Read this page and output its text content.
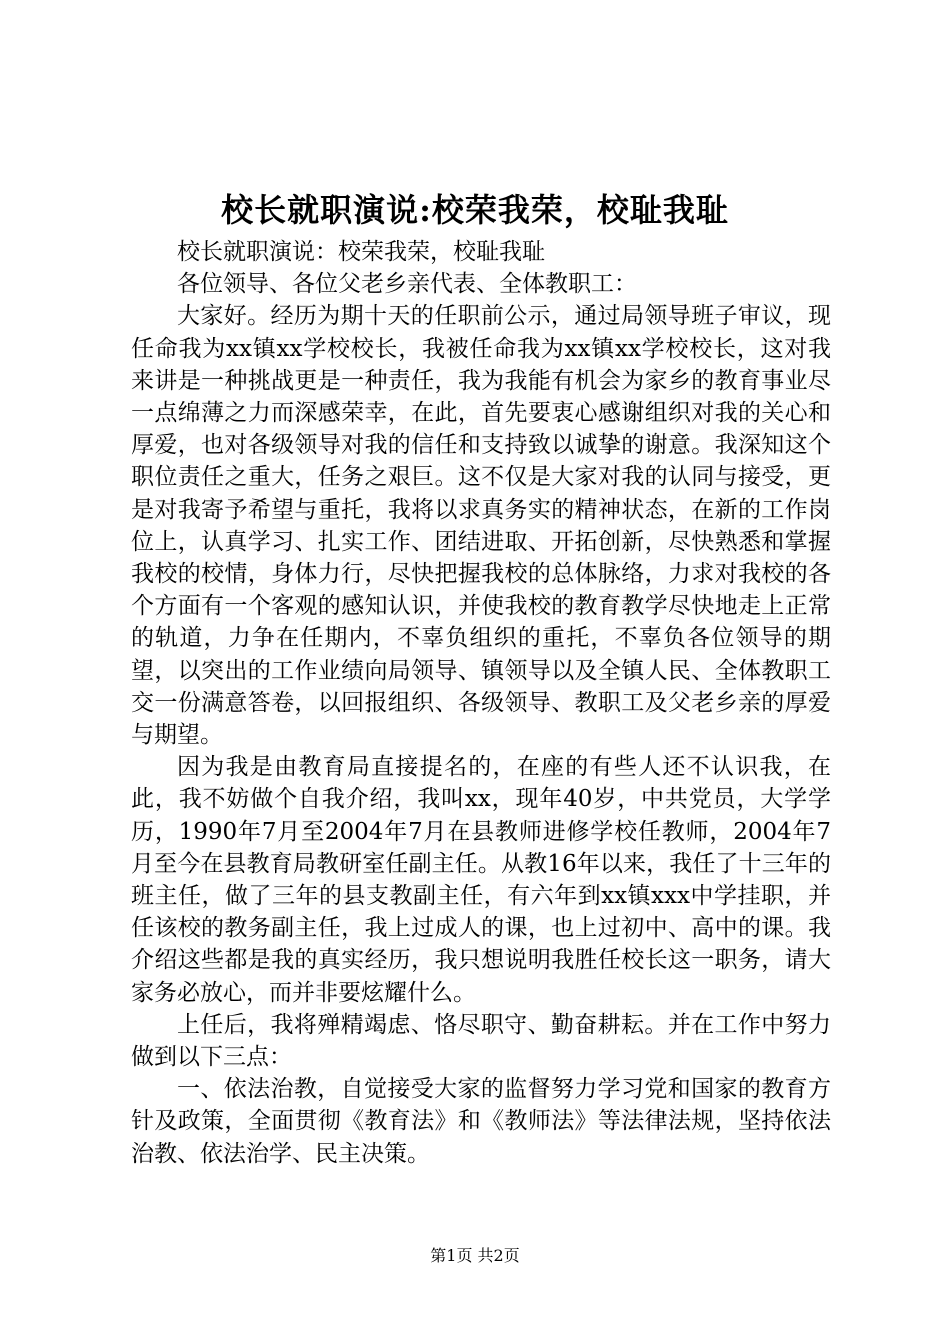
校长就职演说:校荣我荣，校耻我耻

校长就职演说：校荣我荣，校耻我耻

各位领导、各位父老乡亲代表、全体教职工：

大家好。经历为期十天的任职前公示，通过局领导班子审议，现任命我为xx镇xx学校校长，我被任命我为xx镇xx学校校长，这对我来讲是一种挑战更是一种责任，我为我能有机会为家乡的教育事业尽一点绵薄之力而深感荣幸，在此，首先要衷心感谢组织对我的关心和厚爱，也对各级领导对我的信任和支持致以诚挚的谢意。我深知这个职位责任之重大，任务之艰巨。这不仅是大家对我的认同与接受，更是对我寄予希望与重托，我将以求真务实的精神状态，在新的工作岗位上，认真学习、扎实工作、团结进取、开拓创新，尽快熟悉和掌握我校的校情，身体力行，尽快把握我校的总体脉络，力求对我校的各个方面有一个客观的感知认识，并使我校的教育教学尽快地走上正常的轨道，力争在任期内，不辜负组织的重托，不辜负各位领导的期望，以突出的工作业绩向局领导、镇领导以及全镇人民、全体教职工交一份满意答卷，以回报组织、各级领导、教职工及父老乡亲的厚爱与期望。

因为我是由教育局直接提名的，在座的有些人还不认识我，在此，我不妨做个自我介绍，我叫xx，现年40岁，中共党员，大学学历，1990年7月至2004年7月在县教师进修学校任教师，2004年7月至今在县教育局教研室任副主任。从教16年以来，我任了十三年的班主任，做了三年的县支教副主任，有六年到xx镇xxx中学挂职，并任该校的教务副主任，我上过成人的课，也上过初中、高中的课。我介绍这些都是我的真实经历，我只想说明我胜任校长这一职务，请大家务必放心，而并非要炫耀什么。

上任后，我将殚精竭虑、恪尽职守、勤奋耕耘。并在工作中努力做到以下三点：

一、依法治教，自觉接受大家的监督努力学习党和国家的教育方针及政策，全面贯彻《教育法》和《教师法》等法律法规，坚持依法治教、依法治学、民主决策。

第1页 共2页
